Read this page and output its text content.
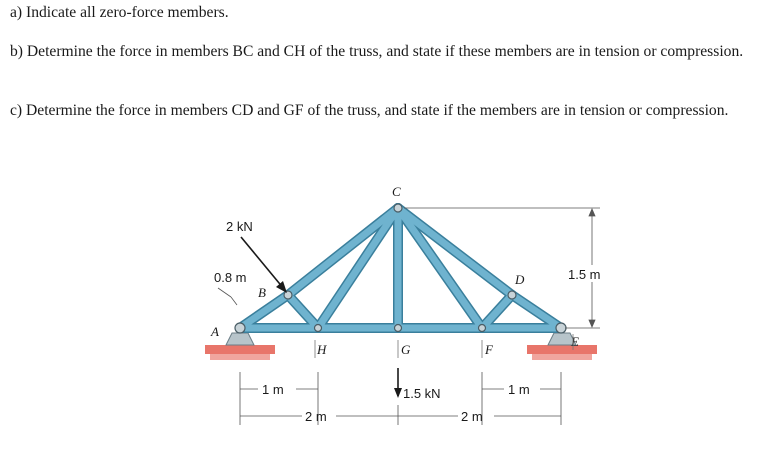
a) Indicate all zero-force members.

b) Determine the force in members BC and CH of the truss, and state if these members are in tension or compression.

c) Determine the force in members CD and GF of the truss, and state if the members are in tension or compression.

A
B
C
D
E
H	G	F
2 kN
0.8 m
1.5 kN
1.5 m
1 m	1 m
2 m	2 m
